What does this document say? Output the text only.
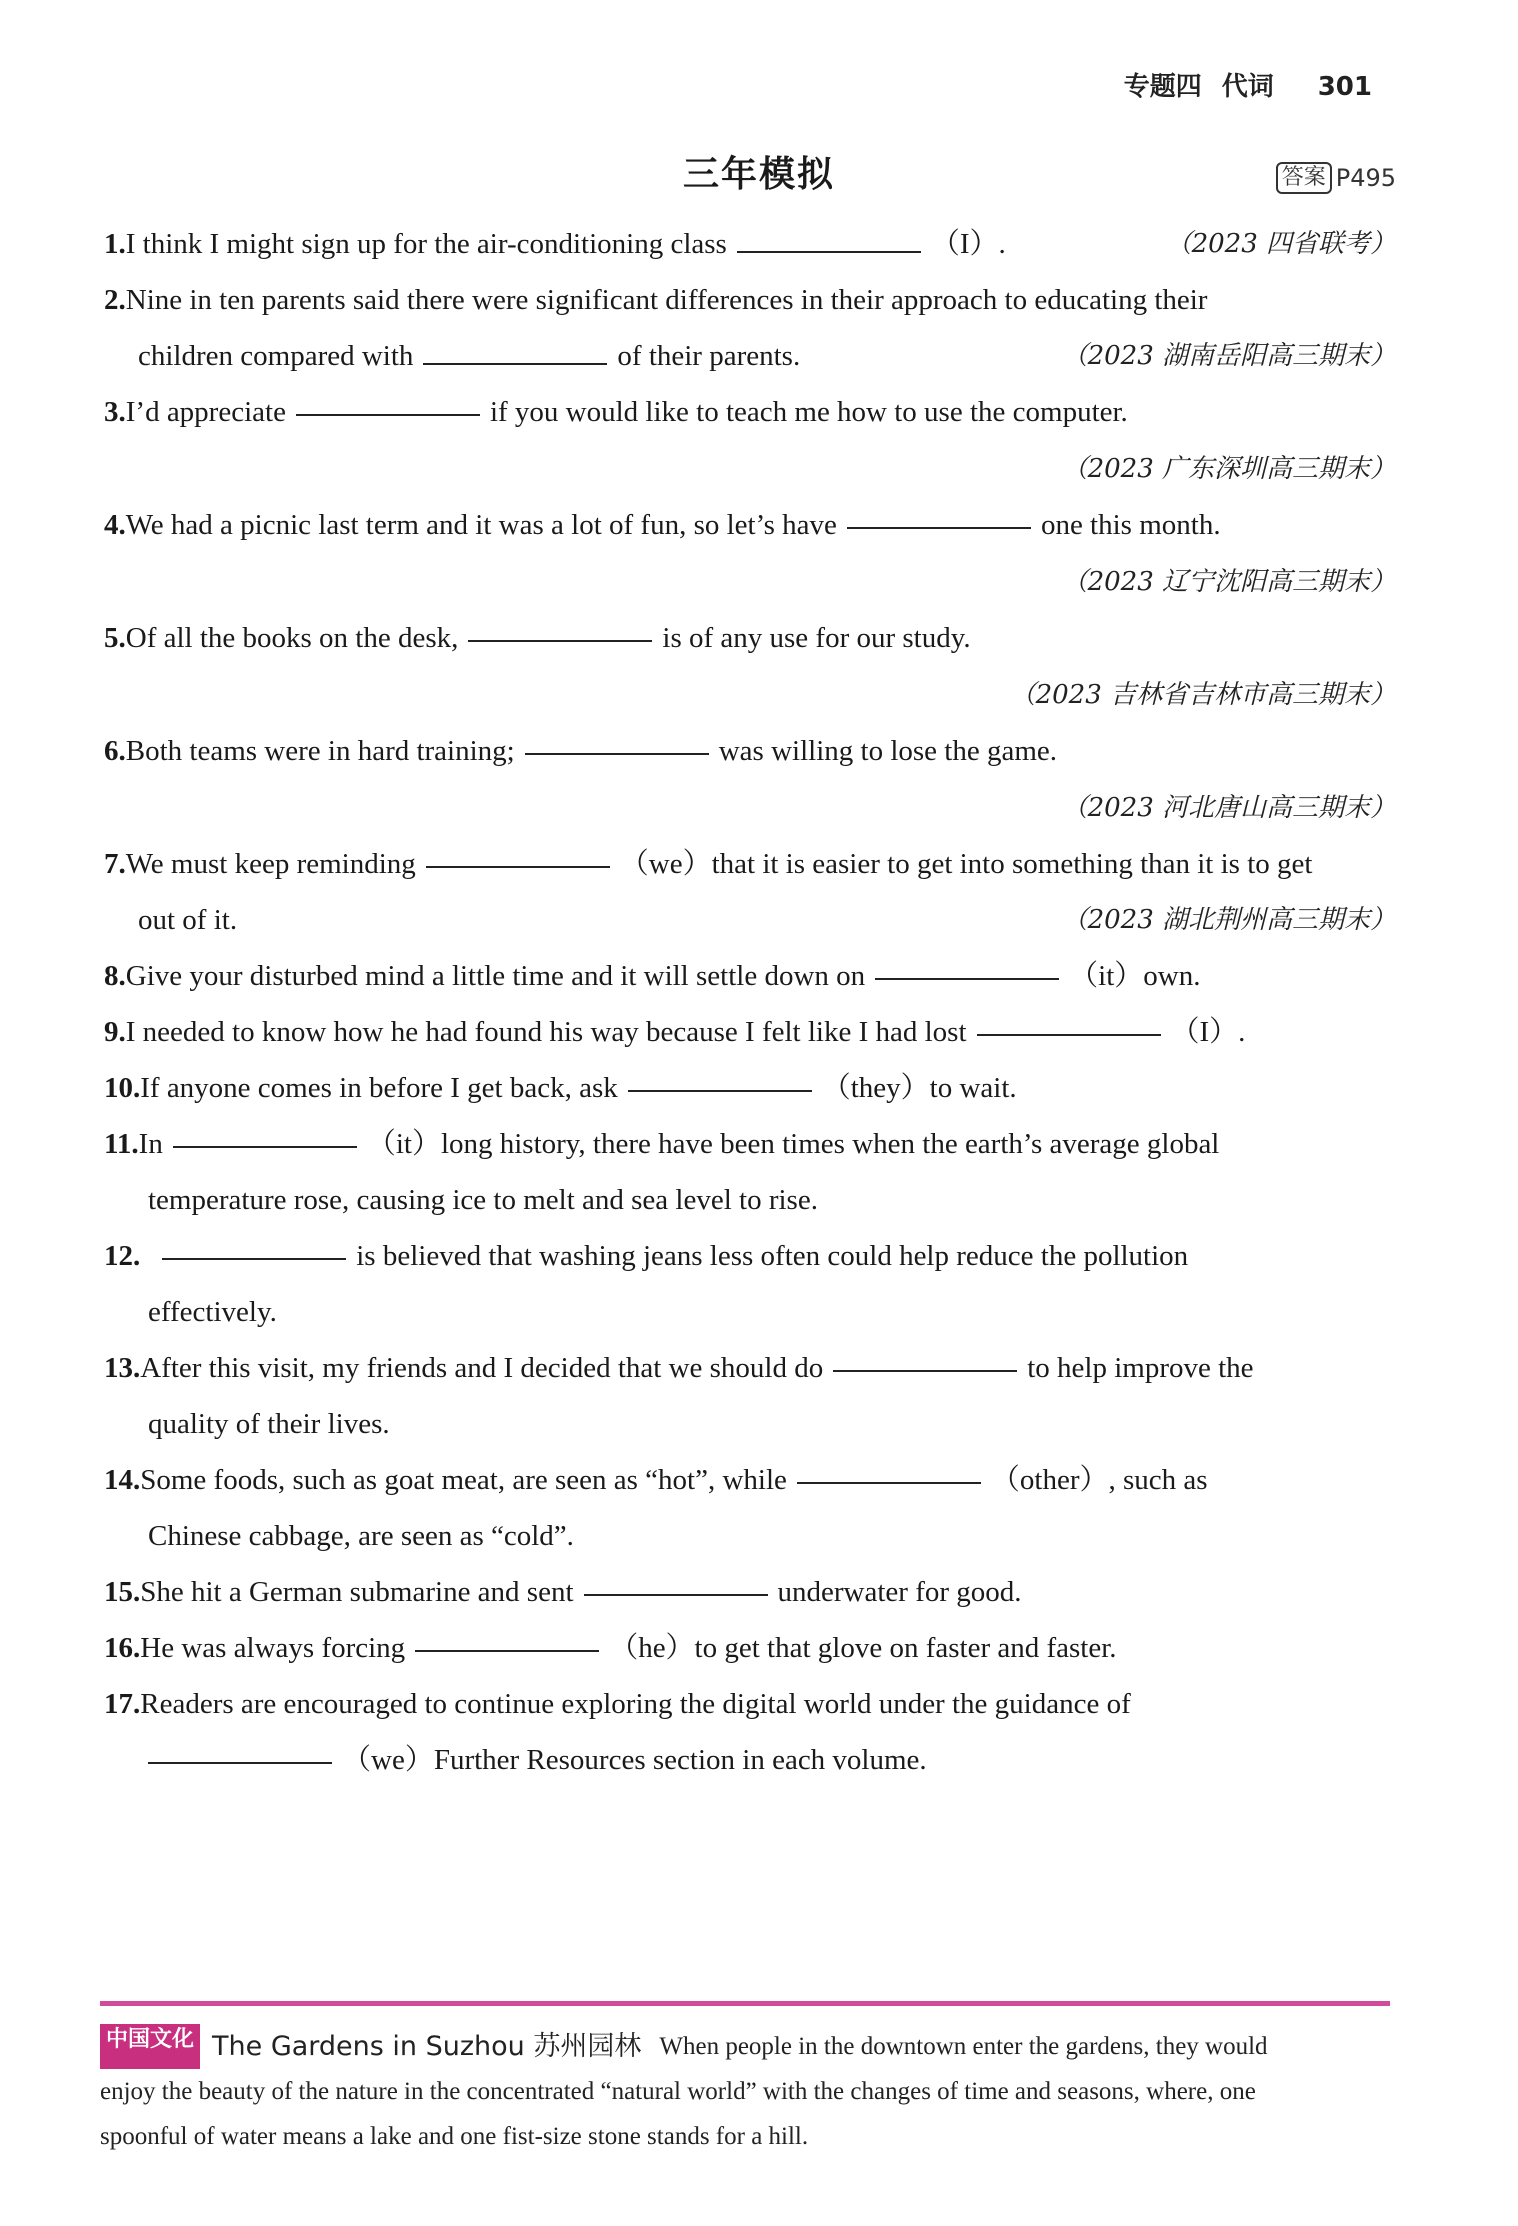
专题四 代词 301
三年模拟	答案 P495
1.I think I might sign up for the air-conditioning class	（I）.	（2023 四省联考）
2.Nine in ten parents said there were significant differences in their approach to educating their
children compared with	of their parents.	（2023 湖南岳阳高三期末）
3. I’d appreciate	if you would like to teach me how to use the computer.
（2023 广东深圳高三期末）
4. We had a picnic last term and it was a lot of fun, so let’s have	one this month.
（2023 辽宁沈阳高三期末）
5. Of all the books on the desk,	is of any use for our study.
（2023 吉林省吉林市高三期末）
6. Both teams were in hard training;	was willing to lose the game.
（2023 河北唐山高三期末）
7. We must keep reminding	（we）that it is easier to get into something than it is to get
out of it.	（2023 湖北荆州高三期末）
8. Give your disturbed mind a little time and it will settle down on	（it）own.
9. I needed to know how he had found his way because I felt like I had lost	（I）.
10. If anyone comes in before I get back, ask	（they）to wait.
11. In	（it）long history, there have been times when the earth’s average global
temperature rose, causing ice to melt and sea level to rise.
12.	is believed that washing jeans less often could help reduce the pollution
effectively.
13. After this visit, my friends and I decided that we should do	to help improve the
quality of their lives.
14. Some foods, such as goat meat, are seen as “hot”, while	（other）, such as
Chinese cabbage, are seen as “cold”.
15. She hit a German submarine and sent	underwater for good.
16. He was always forcing	（he）to get that glove on faster and faster.
17.Readers are encouraged to continue exploring the digital world under the guidance of
（we）Further Resources section in each volume.
中国文化 The Gardens in Suzhou 苏州园林 When people in the downtown enter the gardens, they would
enjoy the beauty of the nature in the concentrated “natural world” with the changes of time and seasons, where, one
spoonful of water means a lake and one fist-size stone stands for a hill.
